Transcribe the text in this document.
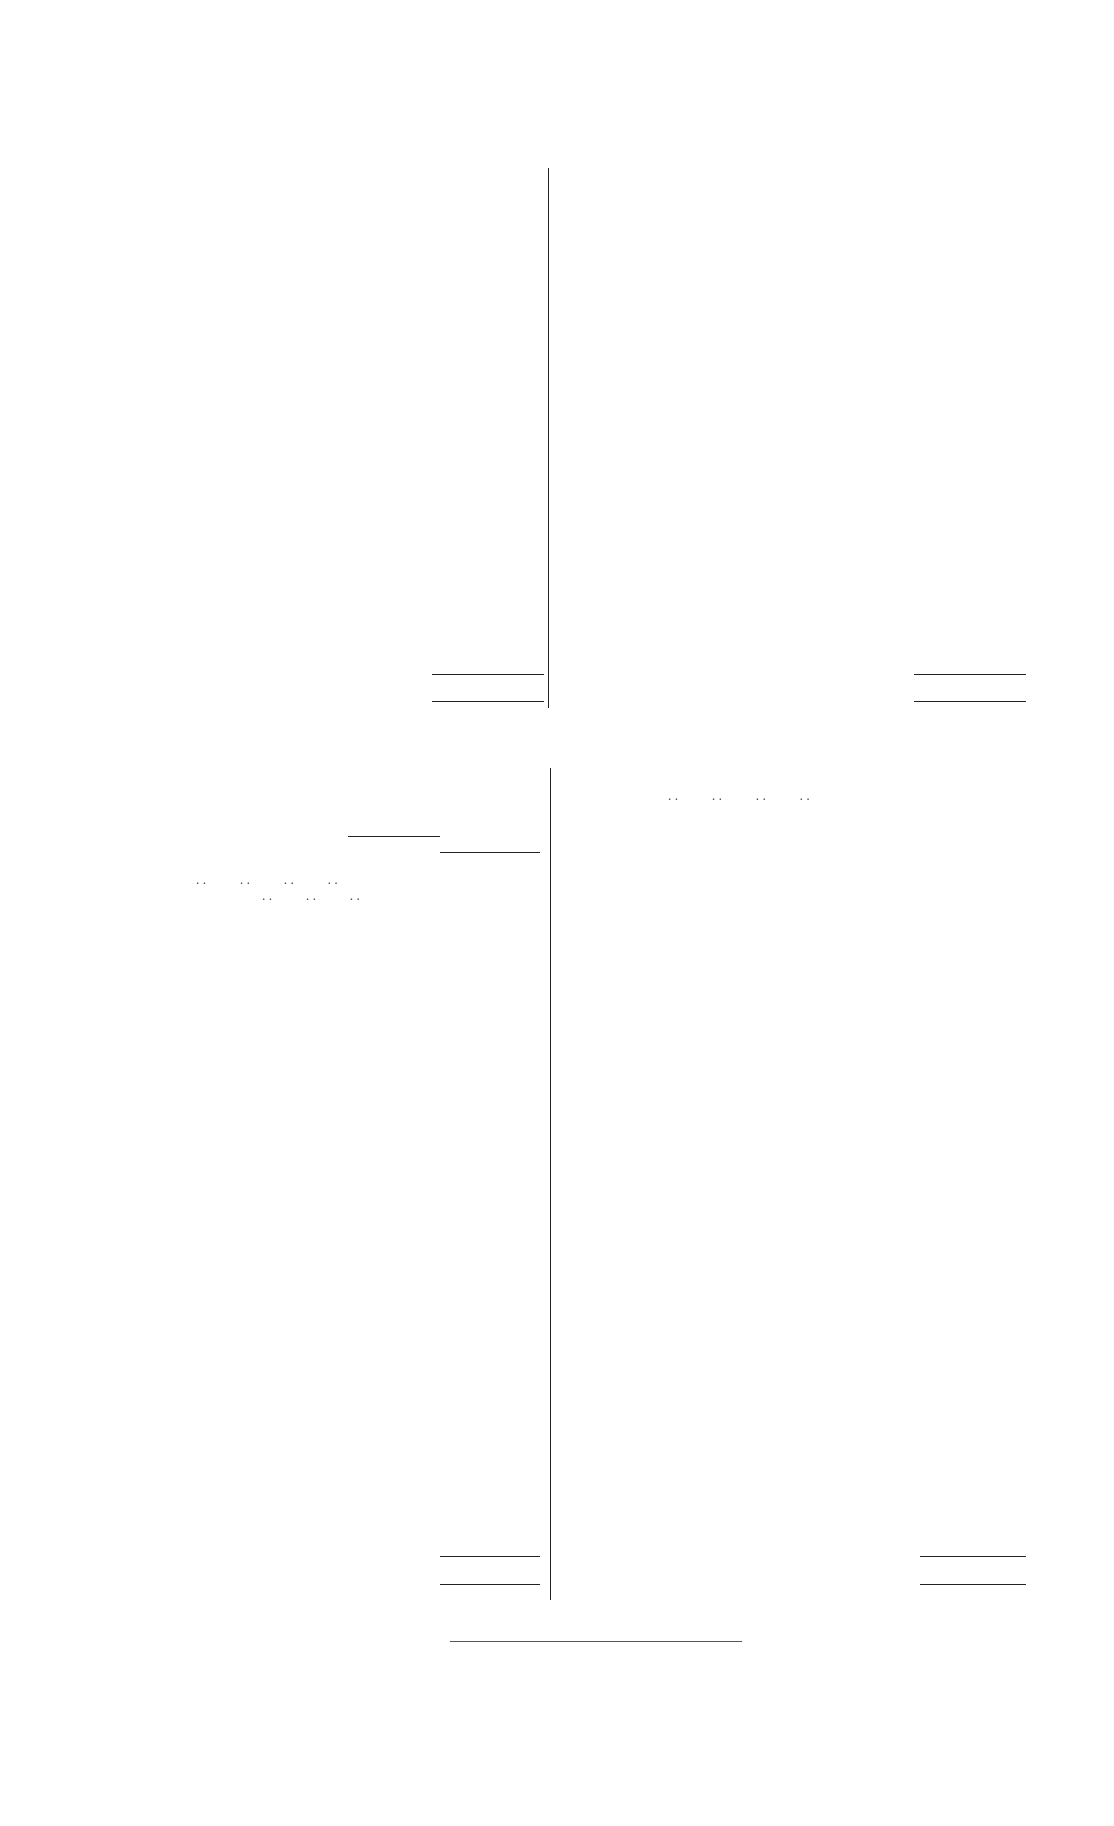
. .          . .          . .          . .
. .          . .          . .
. .          . .          . .          . .
